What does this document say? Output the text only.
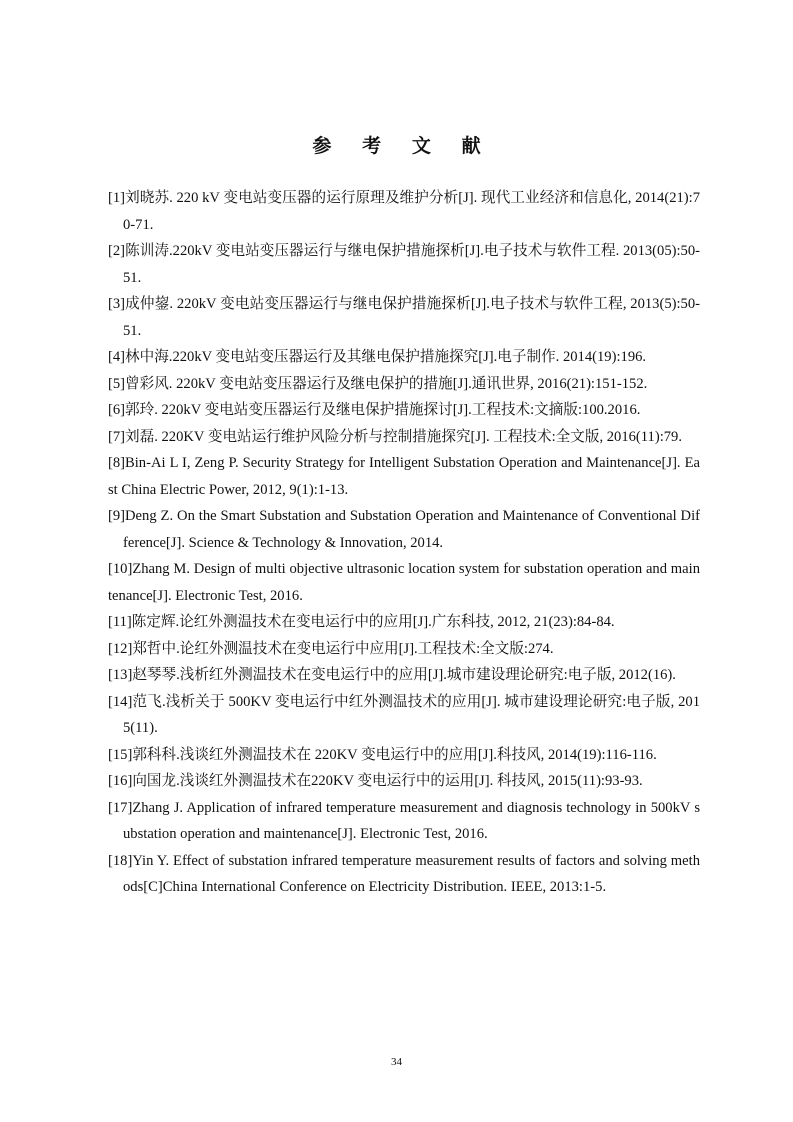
参 考 文 献

[1]刘晓苏. 220 kV 变电站变压器的运行原理及维护分析[J]. 现代工业经济和信息化, 2014(21):70-71.

[2]陈训涛.220kV 变电站变压器运行与继电保护措施探析[J].电子技术与软件工程. 2013(05):50-51.

[3]成仲鋆. 220kV 变电站变压器运行与继电保护措施探析[J].电子技术与软件工程, 2013(5):50-51.

[4]林中海.220kV 变电站变压器运行及其继电保护措施探究[J].电子制作. 2014(19):196.

[5]曾彩风. 220kV 变电站变压器运行及继电保护的措施[J].通讯世界, 2016(21):151-152.

[6]郭玲. 220kV 变电站变压器运行及继电保护措施探讨[J].工程技术:文摘版:100.2016.

[7]刘磊. 220KV 变电站运行维护风险分析与控制措施探究[J]. 工程技术:全文版, 2016(11):79.

[8]Bin-Ai L I, Zeng P. Security Strategy for Intelligent Substation Operation and Maintenance[J]. East China Electric Power, 2012, 9(1):1-13.

[9]Deng Z. On the Smart Substation and Substation Operation and Maintenance of Conventional Difference[J]. Science & Technology & Innovation, 2014.

[10]Zhang M. Design of multi objective ultrasonic location system for substation operation and maintenance[J]. Electronic Test, 2016.

[11]陈定辉.论红外测温技术在变电运行中的应用[J].广东科技, 2012, 21(23):84-84.

[12]郑哲中.论红外测温技术在变电运行中应用[J].工程技术:全文版:274.

[13]赵琴琴.浅析红外测温技术在变电运行中的应用[J].城市建设理论研究:电子版, 2012(16).

[14]范飞.浅析关于 500KV 变电运行中红外测温技术的应用[J]. 城市建设理论研究:电子版, 2015(11).

[15]郭科科.浅谈红外测温技术在 220KV 变电运行中的应用[J].科技风, 2014(19):116-116.

[16]向国龙.浅谈红外测温技术在220KV 变电运行中的运用[J]. 科技风, 2015(11):93-93.

[17]Zhang J. Application of infrared temperature measurement and diagnosis technology in 500kV substation operation and maintenance[J]. Electronic Test, 2016.

[18]Yin Y. Effect of substation infrared temperature measurement results of factors and solving methods[C]China International Conference on Electricity Distribution. IEEE, 2013:1-5.

34
